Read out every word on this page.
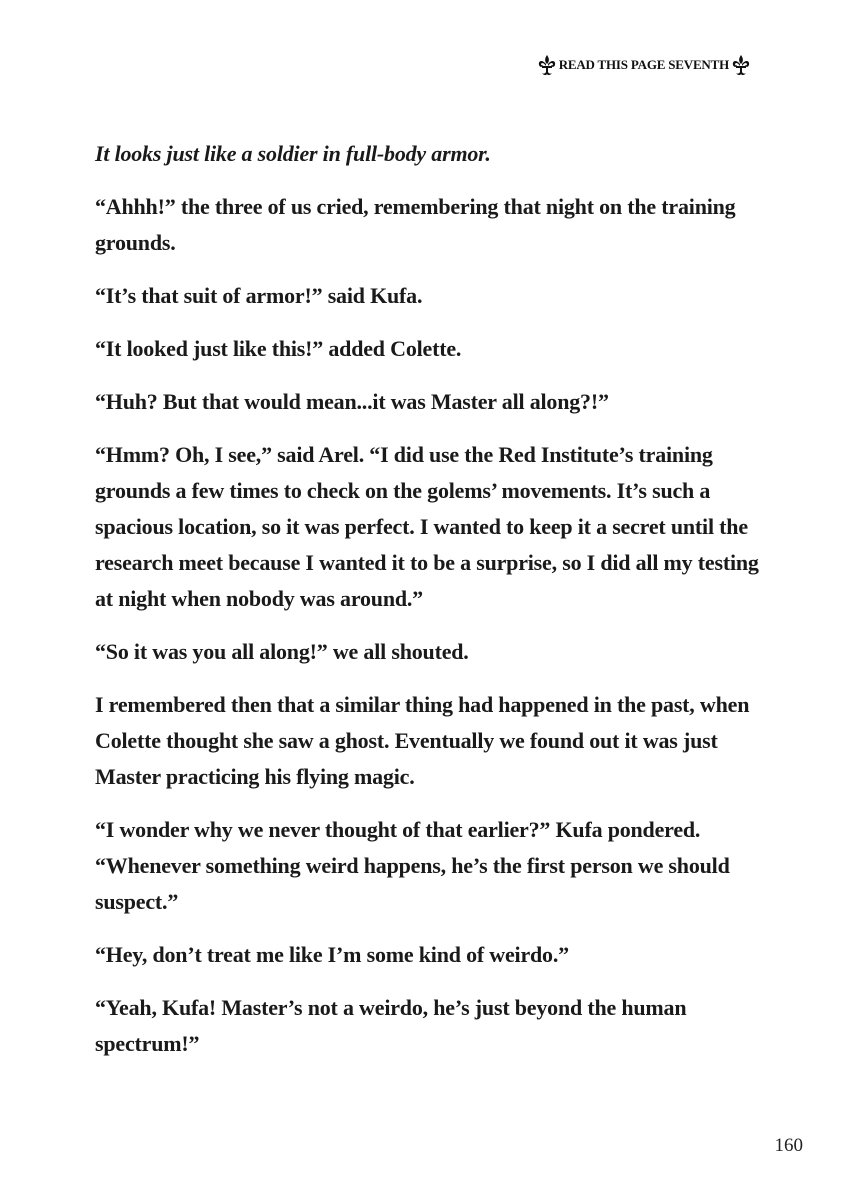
READ THIS PAGE SEVENTH

It looks just like a soldier in full-body armor.

“Ahhh!” the three of us cried, remembering that night on the training grounds.

“It’s that suit of armor!” said Kufa.

“It looked just like this!” added Colette.

“Huh? But that would mean...it was Master all along?!”

“Hmm? Oh, I see,” said Arel. “I did use the Red Institute’s training grounds a few times to check on the golems’ movements. It’s such a spacious location, so it was perfect. I wanted to keep it a secret until the research meet because I wanted it to be a surprise, so I did all my testing at night when nobody was around.”

“So it was you all along!” we all shouted.

I remembered then that a similar thing had happened in the past, when Colette thought she saw a ghost. Eventually we found out it was just Master practicing his flying magic.

“I wonder why we never thought of that earlier?” Kufa pondered. “Whenever something weird happens, he’s the first person we should suspect.”

“Hey, don’t treat me like I’m some kind of weirdo.”

“Yeah, Kufa! Master’s not a weirdo, he’s just beyond the human spectrum!”

160
